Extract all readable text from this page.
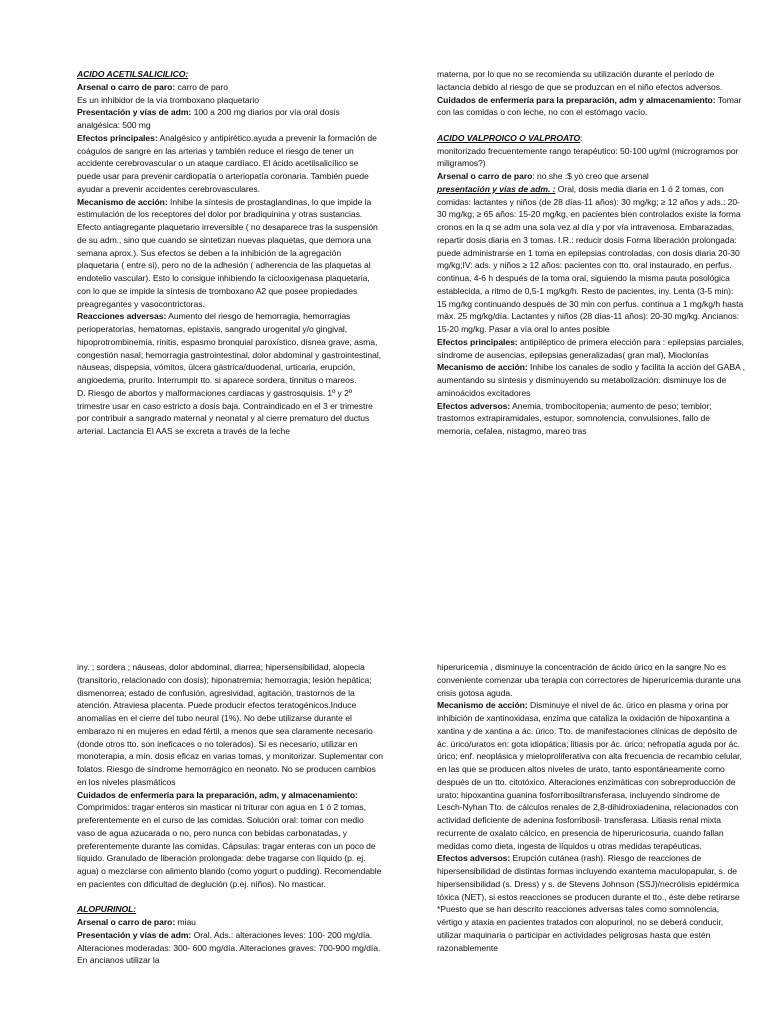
ACIDO ACETILSALICILICO:

Arsenal o carro de paro: carro de paro

Es un inhibidor de la vía tromboxano plaquetario

Presentación y vías de adm: 100 a 200 mg diarios por vía oral dosis analgésica: 500 mg

Efectos principales: Analgésico y antipirético.ayuda a prevenir la formación de coágulos de sangre en las arterias y también reduce el riesgo de tener un accidente cerebrovascular o un ataque cardíaco. El ácido acetilsalicílico se puede usar para prevenir cardiopatía o arteriopatía coronaria. También puede ayudar a prevenir accidentes cerebrovasculares.

Mecanismo de acción: Inhibe la síntesis de prostaglandinas, lo que impide la estimulación de los receptores del dolor por bradiquinina y otras sustancias. Efecto antiagregante plaquetario irreversible ( no desaparece tras la suspensión de su adm., sino que cuando se sintetizan nuevas plaquetas, que demora una semana aprox.). Sus efectos se deben a la inhibición de la agregación plaquetaria ( entre si), pero no de la adhesión ( adherencia de las plaquetas al endotelio vascular). Esto lo consigue inhibiendo la ciclooxigenasa plaquetaria, con lo que se impide la síntesis de tromboxano A2 que posee propiedades preagregantes y vasocontrictoras.

Reacciones adversas: Aumento del riesgo de hemorragia, hemorragias perioperatorias, hematomas, epistaxis, sangrado urogenital y/o gingival, hipoprotrombinemia, rinitis, espasmo bronquial paroxístico, disnea grave, asma, congestión nasal; hemorragia gastrointestinal, dolor abdominal y gastrointestinal, náuseas, dispepsia, vómitos, úlcera gástrica/duodenal, urticaria, erupción, angioedema, prurito. Interrumpir tto. si aparece sordera, tinnitus o mareos.

D. Riesgo de abortos y malformaciones cardiacas y gastrosquisis. 1º y 2º trimestre usar en caso estricto a dosis baja. Contraindicado en el 3 er trimestre por contribuir a sangrado maternal y neonatal y al cierre prematuro del ductus arterial. Lactancia El AAS se excreta a través de la leche

materna, por lo que no se recomienda su utilización durante el período de lactancia debido al riesgo de que se produzcan en el niño efectos adversos.

Cuidados de enfermería para la preparación, adm y almacenamiento: Tomar con las comidas o con leche, no con el estómago vacío.

ACIDO VALPROICO O VALPROATO:

monitorizado frecuentemente rango terapéutico: 50-100 ug/ml (microgramos por miligramos?)

Arsenal o carro de paro: no she :$ yo creo que arsenal

presentación y vías de adm. : Oral, dosis media diaria en 1 ó 2 tomas, con comidas: lactantes y niños (de 28 días-11 años): 30 mg/kg; ≥ 12 años y ads.: 20-30 mg/kg; ≥ 65 años: 15-20 mg/kg, en pacientes bien controlados existe la forma cronos en la q se adm una sola vez al día y por vía intravenosa. Embarazadas, repartir dosis diaria en 3 tomas. I.R.: reducir dosis Forma liberación prolongada: puede administrarse en 1 toma en epilepsias controladas, con dosis diaria 20-30 mg/kg;IV: ads. y niños ≥ 12 años: pacientes con tto. oral instaurado, en perfus. continua, 4-6 h después de la toma oral, siguiendo la misma pauta posológica establecida, a ritmo de 0,5-1 mg/kg/h. Resto de pacientes, iny. Lenta (3-5 min): 15 mg/kg continuando después de 30 min con perfus. continua a 1 mg/kg/h hasta máx. 25 mg/kg/día. Lactantes y niños (28 días-11 años): 20-30 mg/kg. Ancianos: 15-20 mg/kg. Pasar a vía oral lo antes posible

Efectos principales: antipiléptico de primera elección para : epilepsias parciales, síndrome de ausencias, epilepsias generalizadas( gran mal), Mioclonías

Mecanismo de acción: Inhibe los canales de sodio y facilita la acción del GABA , aumentando su síntesis y disminuyendo su metabolización. disminuye los de aminoácidos excitadores

Efectos adversos: Anemia, trombocitopenia; aumento de peso; temblor; trastornos extrapiramidales, estupor, somnolencia, convulsiones, fallo de memoria, cefalea, nistagmo, mareo tras

iny. ; sordera ; náuseas, dolor abdominal, diarrea; hipersensibilidad, alopecia (transitorio, relacionado con dosis); hiponatremia; hemorragia; lesión hepática; dismenorrea; estado de confusión, agresividad, agitación, trastornos de la atención. Atraviesa placenta. Puede producir efectos teratogénicos.Induce anomalías en el cierre del tubo neural (1%). No debe utilizarse durante el embarazo ni en mujeres en edad fértil, a menos que sea claramente necesario (donde otros tto. son ineficaces o no tolerados). Si es necesario, utilizar en monoterapia, a mín. dosis eficaz en varias tomas, y monitorizar. Suplementar con folatos. Riesgo de síndrome hemorrágico en neonato. No se producen cambios en los niveles plasmáticos

Cuidados de enfermería para la preparación, adm, y almacenamiento: Comprimidos: tragar enteros sin masticar ni triturar con agua en 1 ó 2 tomas, preferentemente en el curso de las comidas. Solución oral: tomar con medio vaso de agua azucarada o no, pero nunca con bebidas carbonatadas, y preferentemente durante las comidas. Cápsulas: tragar enteras con un poco de líquido. Granulado de liberación prolongada: debe tragarse con líquido (p. ej. agua) o mezclarse con alimento blando (como yogurt o pudding). Recomendable en pacientes con dificultad de deglución (p.ej. niños). No masticar.

ALOPURINOL:

Arsenal o carro de paro: miau

Presentación y vías de adm: Oral. Ads.: alteraciones leves: 100- 200 mg/día. Alteraciones moderadas: 300- 600 mg/día. Alteraciones graves: 700-900 mg/día. En ancianos utilizar la

hiperuricemia , disminuye la concentración de ácido úrico en la sangre No es conveniente comenzar uba terapia con correctores de hiperuricemia durante una crisis gotosa aguda.

Mecanismo de acción: Disminuye el nivel de ác. úrico en plasma y orina por inhibición de xantinoxidasa, enzima que cataliza la oxidación de hipoxantina a xantina y de xantina a ác. úrico. Tto. de manifestaciones clínicas de depósito de ác. úrico/uratos en: gota idiopática; litiasis por ác. úrico; nefropatía aguda por ác. úrico; enf. neoplásica y mieloproliferativa con alta frecuencia de recambio celular, en las que se producen altos niveles de urato, tanto espontáneamente como después de un tto. citotóxico. Alteraciones enzimáticas con sobreproducción de urato: hipoxantina guanina fosforribosiltransferasa, incluyendo síndrome de Lesch-Nyhan Tto. de cálculos renales de 2,8-dihidroxiadenina, relacionados con actividad deficiente de adenina fosforribosil- transferasa. Litiasis renal mixta recurrente de oxalato cálcico, en presencia de hiperuricosuria, cuando fallan medidas como dieta, ingesta de líquidos u otras medidas terapéuticas.

Efectos adversos: Erupción cutánea (rash). Riesgo de reacciones de hipersensibilidad de distintas formas incluyendo exantema maculopapular, s. de hipersensibilidad (s. Dress) y s. de Stevens Johnson (SSJ)/necrólisis epidérmica tóxica (NET), si estos reacciones se producen durante el tto., éste debe retirarse *Puesto que se han descrito reacciones adversas tales como somnolencia, vértigo y ataxia en pacientes tratados con alopurinol, no se deberá conducir, utilizar maquinaria o participar en actividades peligrosas hasta que estén razonablemente
